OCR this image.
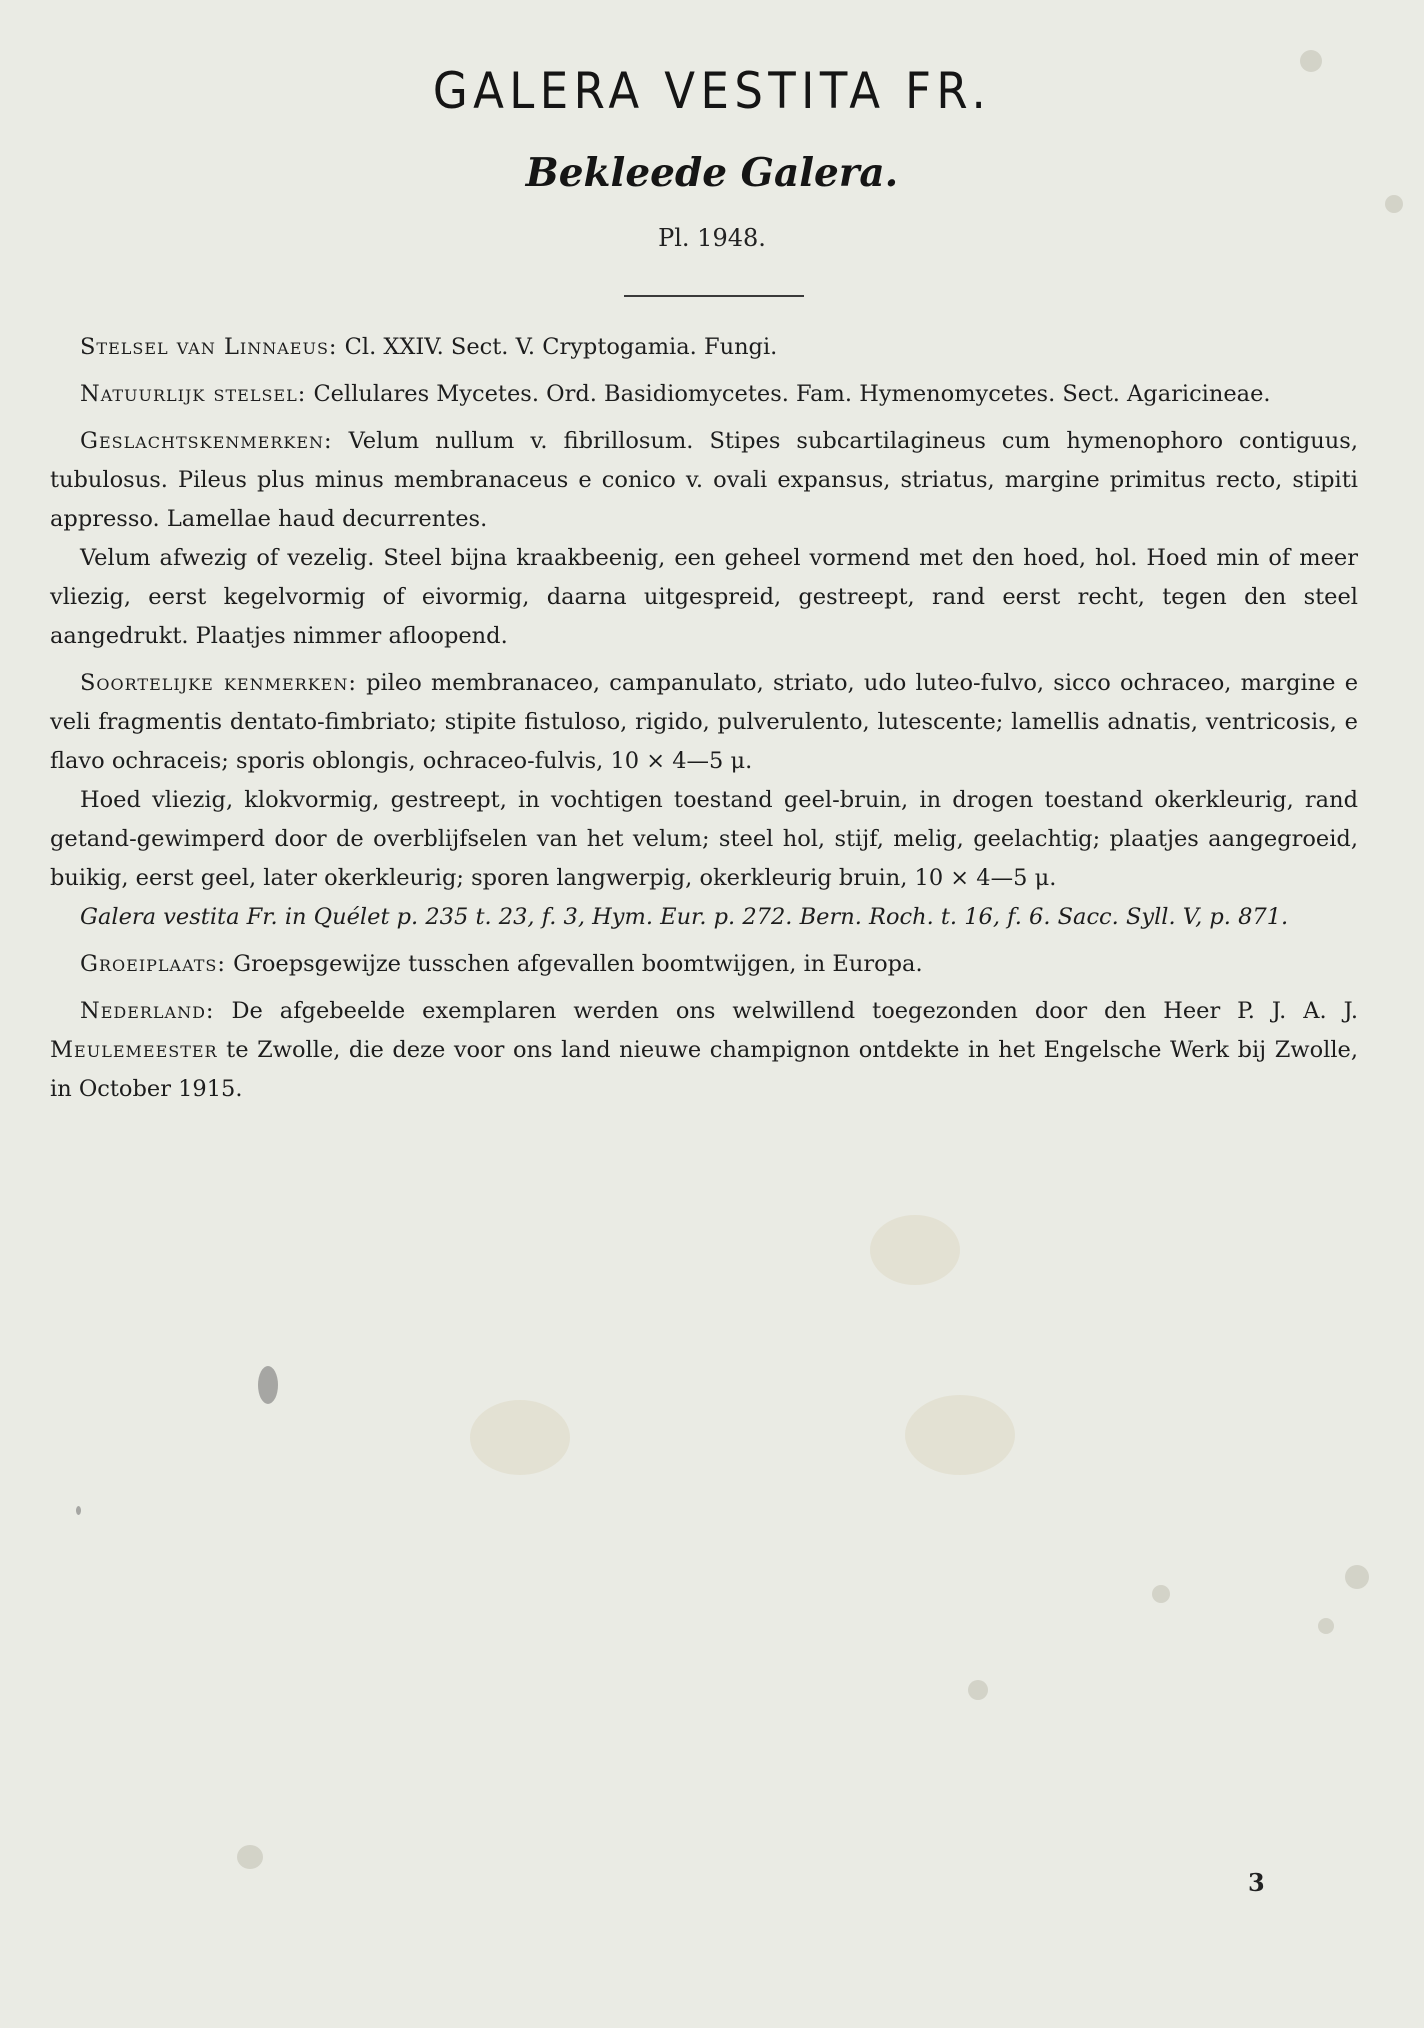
GALERA VESTITA FR.
Bekleede Galera.
Pl. 1948.

Stelsel van Linnaeus: Cl. XXIV. Sect. V. Cryptogamia. Fungi.

Natuurlijk stelsel: Cellulares Mycetes. Ord. Basidiomycetes. Fam. Hymenomycetes. Sect. Agaricineae.

Geslachtskenmerken: Velum nullum v. fibrillosum. Stipes subcartilagineus cum hymenophoro contiguus, tubulosus. Pileus plus minus membranaceus e conico v. ovali expansus, striatus, margine primitus recto, stipiti appresso. Lamellae haud decurrentes.

Velum afwezig of vezelig. Steel bijna kraakbeenig, een geheel vormend met den hoed, hol. Hoed min of meer vliezig, eerst kegelvormig of eivormig, daarna uitgespreid, gestreept, rand eerst recht, tegen den steel aangedrukt. Plaatjes nimmer afloopend.

Soortelijke kenmerken: pileo membranaceo, campanulato, striato, udo luteo-fulvo, sicco ochraceo, margine e veli fragmentis dentato-fimbriato; stipite fistuloso, rigido, pulverulento, lutescente; lamellis adnatis, ventricosis, e flavo ochraceis; sporis oblongis, ochraceo-fulvis, 10 × 4—5 μ.

Hoed vliezig, klokvormig, gestreept, in vochtigen toestand geel-bruin, in drogen toestand okerkleurig, rand getand-gewimperd door de overblijfselen van het velum; steel hol, stijf, melig, geelachtig; plaatjes aangegroeid, buikig, eerst geel, later okerkleurig; sporen langwerpig, okerkleurig bruin, 10 × 4—5 μ.

Galera vestita Fr. in Quélet p. 235 t. 23, f. 3, Hym. Eur. p. 272. Bern. Roch. t. 16, f. 6. Sacc. Syll. V, p. 871.

Groeiplaats: Groepsgewijze tusschen afgevallen boomtwijgen, in Europa.

Nederland: De afgebeelde exemplaren werden ons welwillend toegezonden door den Heer P. J. A. J. Meulemeester te Zwolle, die deze voor ons land nieuwe champignon ontdekte in het Engelsche Werk bij Zwolle, in October 1915.

3
